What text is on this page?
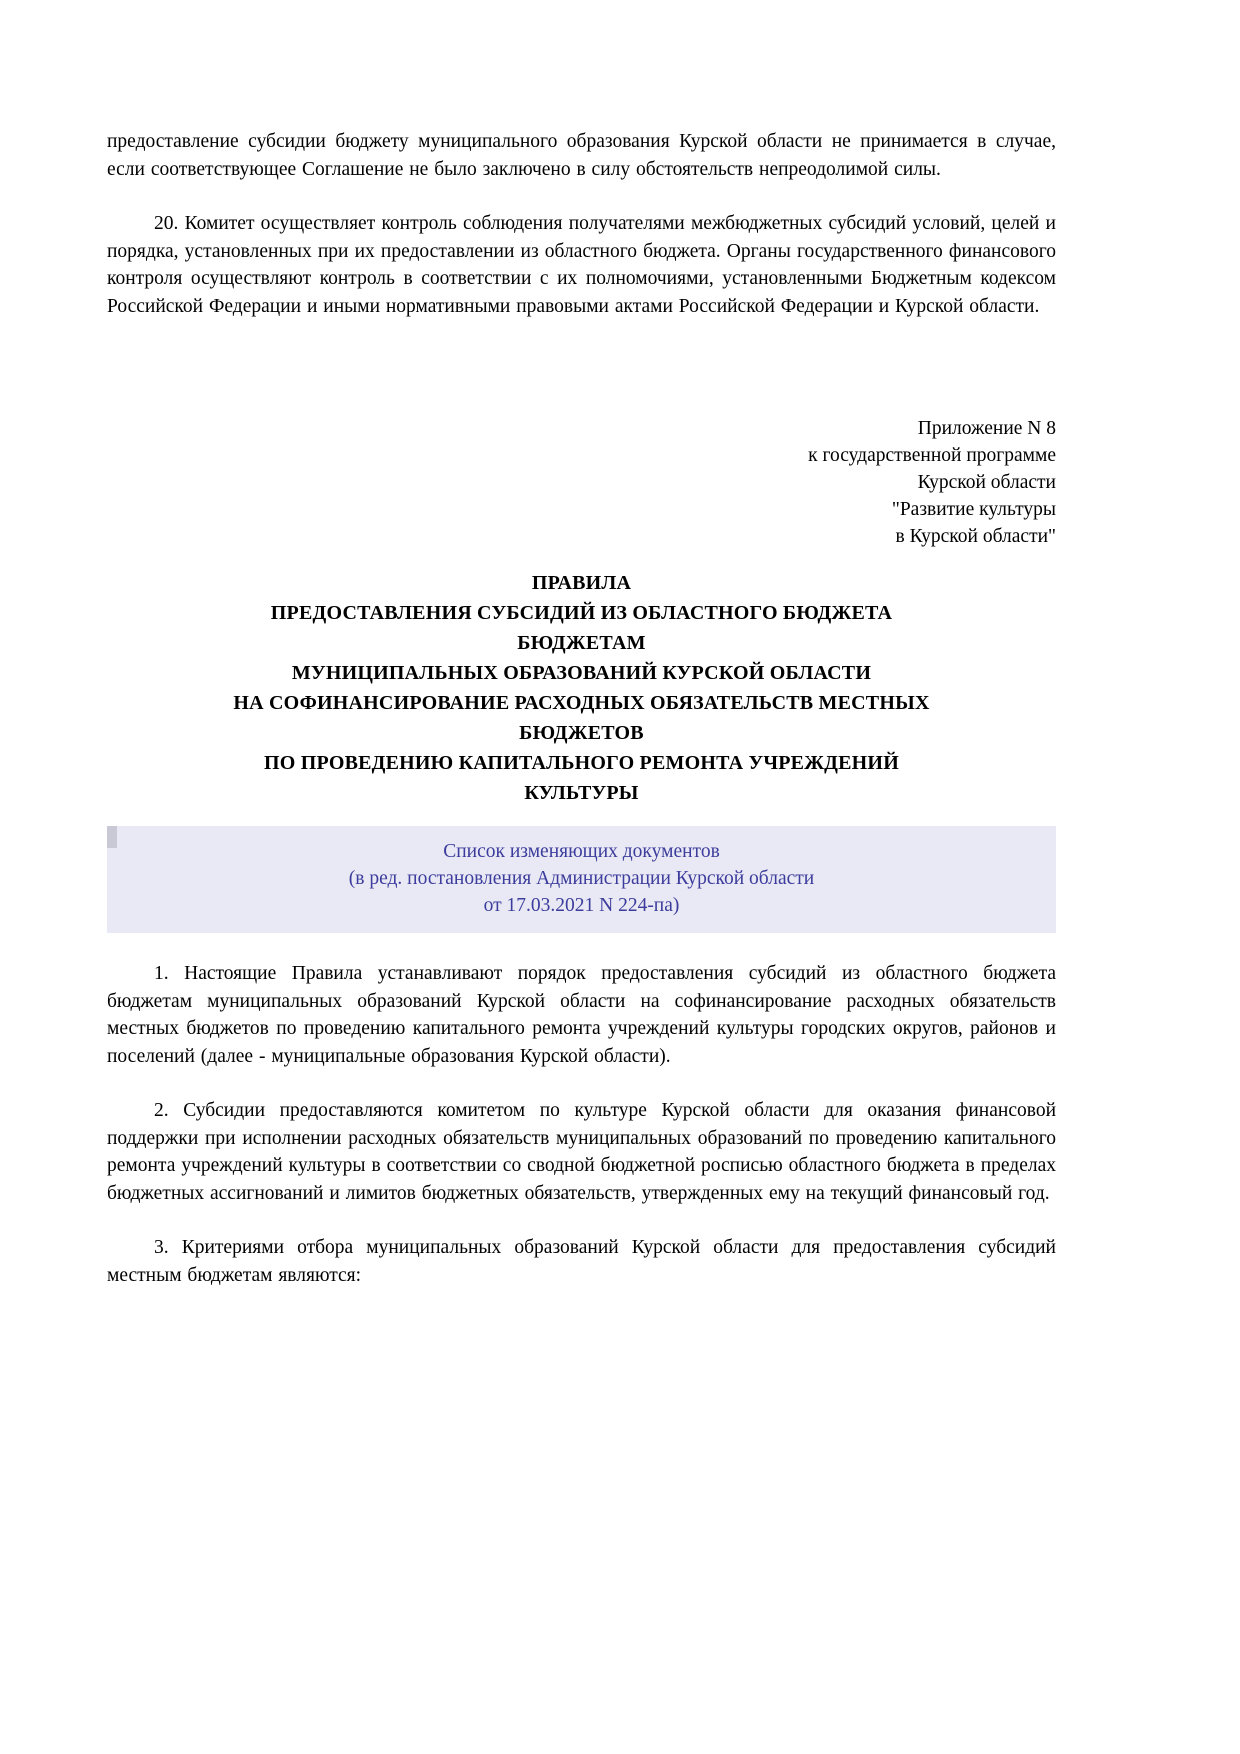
предоставление субсидии бюджету муниципального образования Курской области не принимается в случае, если соответствующее Соглашение не было заключено в силу обстоятельств непреодолимой силы.

20. Комитет осуществляет контроль соблюдения получателями межбюджетных субсидий условий, целей и порядка, установленных при их предоставлении из областного бюджета. Органы государственного финансового контроля осуществляют контроль в соответствии с их полномочиями, установленными Бюджетным кодексом Российской Федерации и иными нормативными правовыми актами Российской Федерации и Курской области.

Приложение N 8
к государственной программе
Курской области
"Развитие культуры
в Курской области"
ПРАВИЛА
ПРЕДОСТАВЛЕНИЯ СУБСИДИЙ ИЗ ОБЛАСТНОГО БЮДЖЕТА
БЮДЖЕТАМ
МУНИЦИПАЛЬНЫХ ОБРАЗОВАНИЙ КУРСКОЙ ОБЛАСТИ
НА СОФИНАНСИРОВАНИЕ РАСХОДНЫХ ОБЯЗАТЕЛЬСТВ МЕСТНЫХ
БЮДЖЕТОВ
ПО ПРОВЕДЕНИЮ КАПИТАЛЬНОГО РЕМОНТА УЧРЕЖДЕНИЙ
КУЛЬТУРЫ
Список изменяющих документов
(в ред. постановления Администрации Курской области
от 17.03.2021 N 224-па)

1. Настоящие Правила устанавливают порядок предоставления субсидий из областного бюджета бюджетам муниципальных образований Курской области на софинансирование расходных обязательств местных бюджетов по проведению капитального ремонта учреждений культуры городских округов, районов и поселений (далее - муниципальные образования Курской области).

2. Субсидии предоставляются комитетом по культуре Курской области для оказания финансовой поддержки при исполнении расходных обязательств муниципальных образований по проведению капитального ремонта учреждений культуры в соответствии со сводной бюджетной росписью областного бюджета в пределах бюджетных ассигнований и лимитов бюджетных обязательств, утвержденных ему на текущий финансовый год.

3. Критериями отбора муниципальных образований Курской области для предоставления субсидий местным бюджетам являются:
